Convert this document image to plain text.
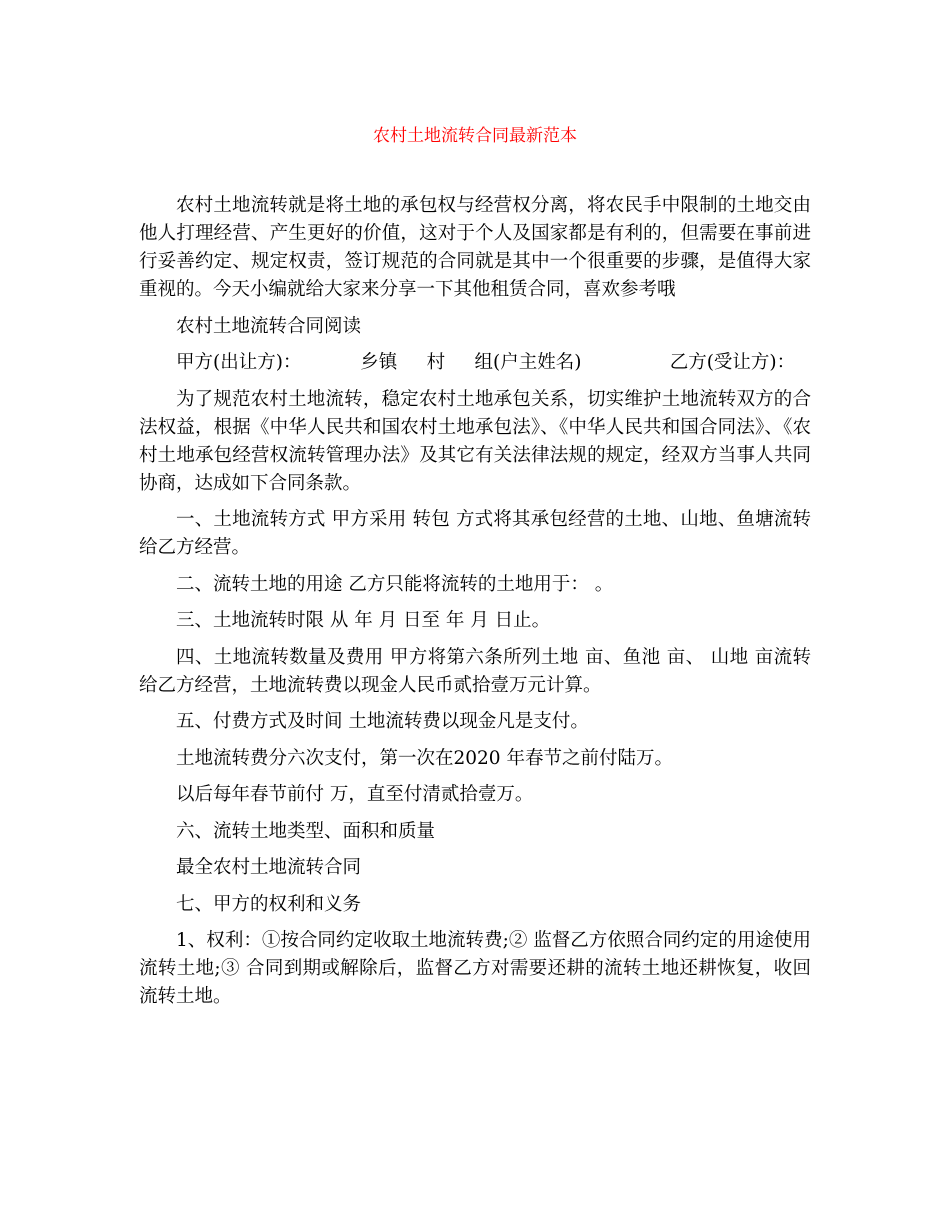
农村土地流转合同最新范本

农村土地流转就是将土地的承包权与经营权分离，将农民手中限制的土地交由他人打理经营、产生更好的价值，这对于个人及国家都是有利的，但需要在事前进行妥善约定、规定权责，签订规范的合同就是其中一个很重要的步骤，是值得大家重视的。今天小编就给大家来分享一下其他租赁合同，喜欢参考哦

农村土地流转合同阅读

甲方(出让方)：          乡镇     村     组(户主姓名)               乙方(受让方)：

为了规范农村土地流转，稳定农村土地承包关系，切实维护土地流转双方的合法权益，根据《中华人民共和国农村土地承包法》、《中华人民共和国合同法》、《农村土地承包经营权流转管理办法》及其它有关法律法规的规定，经双方当事人共同协商，达成如下合同条款。

一、土地流转方式 甲方采用 转包 方式将其承包经营的土地、山地、鱼塘流转给乙方经营。

二、流转土地的用途 乙方只能将流转的土地用于： 。

三、土地流转时限 从 年 月 日至 年 月 日止。

四、土地流转数量及费用 甲方将第六条所列土地 亩、鱼池 亩、 山地 亩流转给乙方经营，土地流转费以现金人民币贰拾壹万元计算。

五、付费方式及时间 土地流转费以现金凡是支付。

土地流转费分六次支付，第一次在2020 年春节之前付陆万。

以后每年春节前付 万，直至付清贰拾壹万。

六、流转土地类型、面积和质量

最全农村土地流转合同

七、甲方的权利和义务

1、权利：①按合同约定收取土地流转费;② 监督乙方依照合同约定的用途使用流转土地;③ 合同到期或解除后，监督乙方对需要还耕的流转土地还耕恢复，收回流转土地。
